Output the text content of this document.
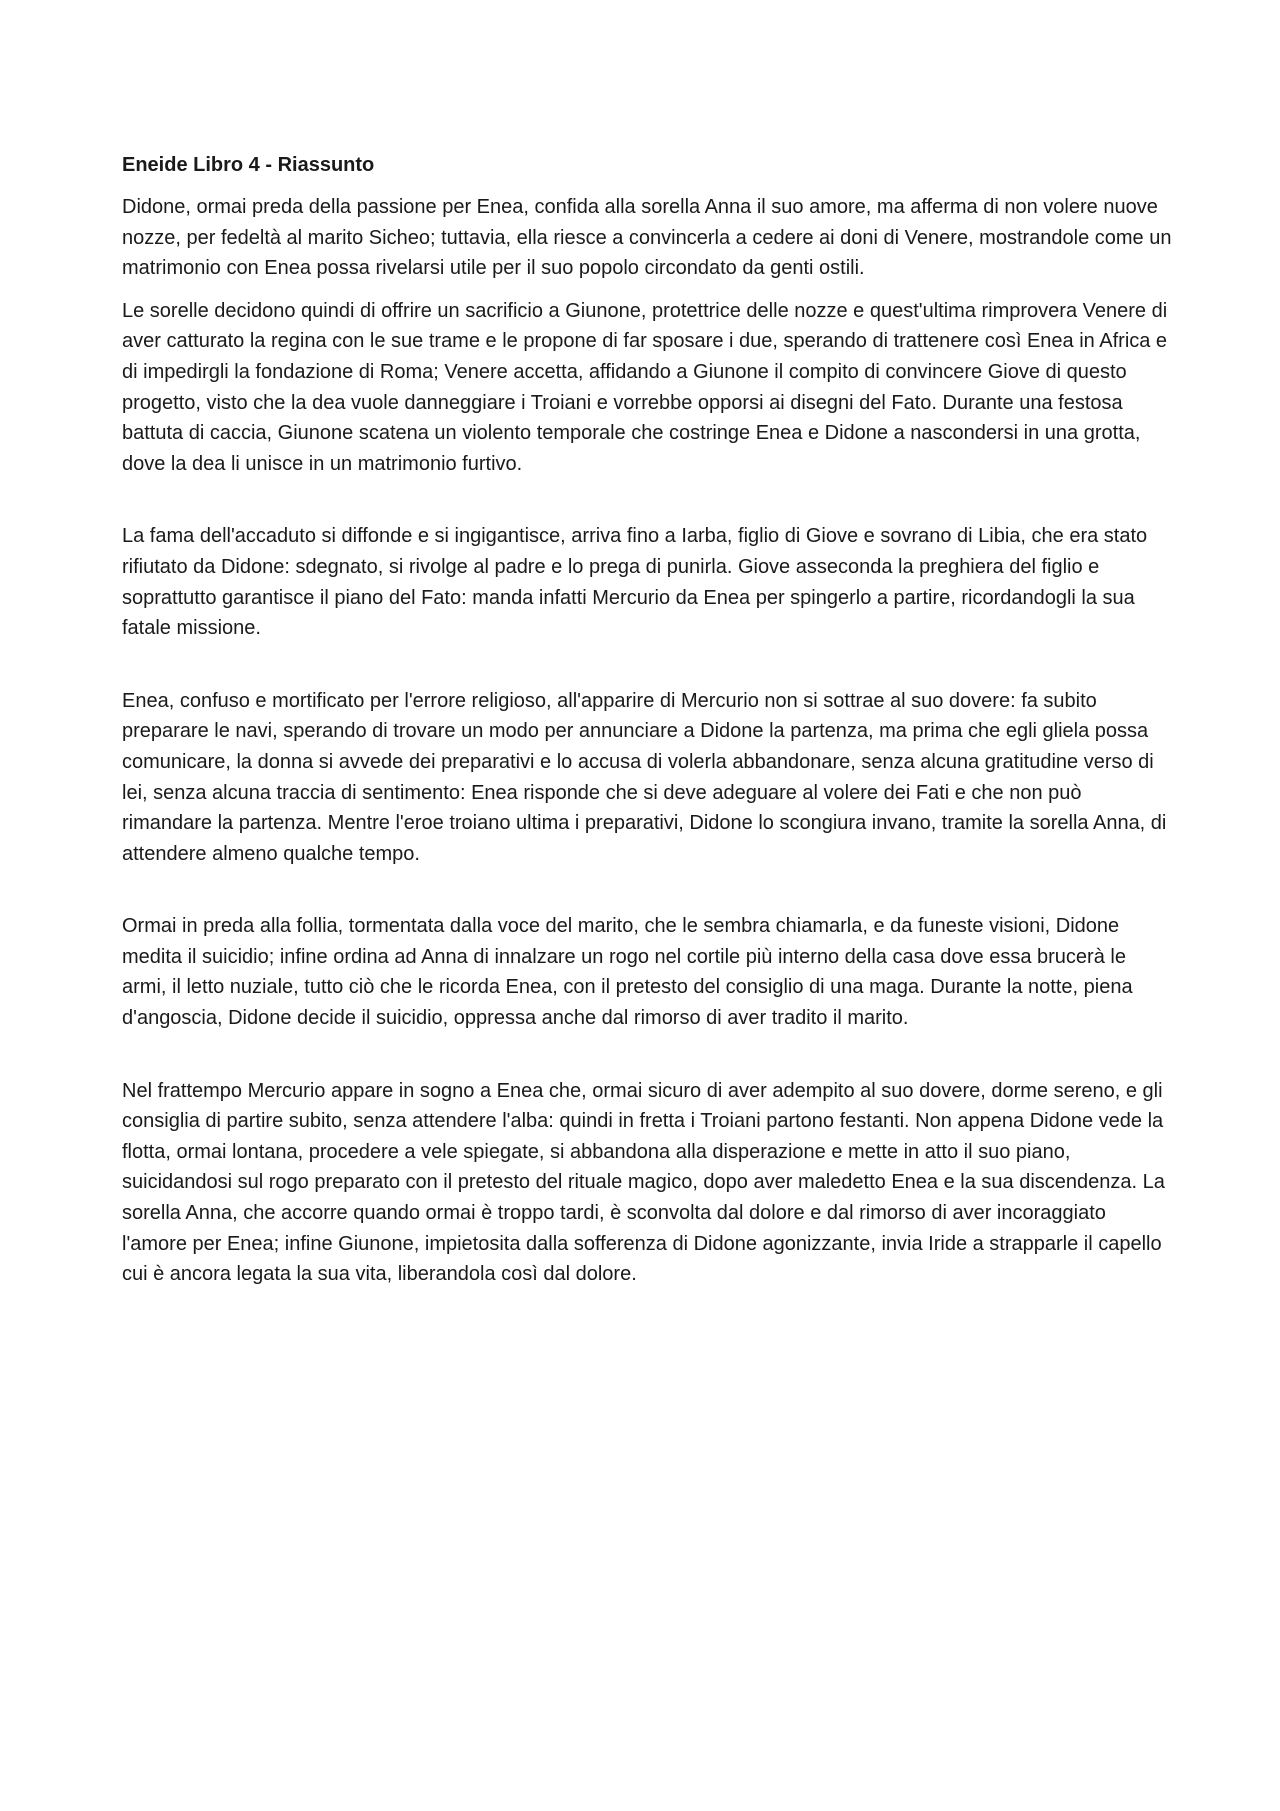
Eneide Libro 4 - Riassunto

Didone, ormai preda della passione per Enea, confida alla sorella Anna il suo amore, ma afferma di non volere nuove nozze, per fedeltà al marito Sicheo; tuttavia, ella riesce a convincerla a cedere ai doni di Venere, mostrandole come un matrimonio con Enea possa rivelarsi utile per il suo popolo circondato da genti ostili.

Le sorelle decidono quindi di offrire un sacrificio a Giunone, protettrice delle nozze e quest'ultima rimprovera Venere di aver catturato la regina con le sue trame e le propone di far sposare i due, sperando di trattenere così Enea in Africa e di impedirgli la fondazione di Roma; Venere accetta, affidando a Giunone il compito di convincere Giove di questo progetto, visto che la dea vuole danneggiare i Troiani e vorrebbe opporsi ai disegni del Fato. Durante una festosa battuta di caccia, Giunone scatena un violento temporale che costringe Enea e Didone a nascondersi in una grotta, dove la dea li unisce in un matrimonio furtivo.

La fama dell'accaduto si diffonde e si ingigantisce, arriva fino a Iarba, figlio di Giove e sovrano di Libia, che era stato rifiutato da Didone: sdegnato, si rivolge al padre e lo prega di punirla. Giove asseconda la preghiera del figlio e soprattutto garantisce il piano del Fato: manda infatti Mercurio da Enea per spingerlo a partire, ricordandogli la sua fatale missione.

Enea, confuso e mortificato per l'errore religioso, all'apparire di Mercurio non si sottrae al suo dovere: fa subito preparare le navi, sperando di trovare un modo per annunciare a Didone la partenza, ma prima che egli gliela possa comunicare, la donna si avvede dei preparativi e lo accusa di volerla abbandonare, senza alcuna gratitudine verso di lei, senza alcuna traccia di sentimento: Enea risponde che si deve adeguare al volere dei Fati e che non può rimandare la partenza. Mentre l'eroe troiano ultima i preparativi, Didone lo scongiura invano, tramite la sorella Anna, di attendere almeno qualche tempo.

Ormai in preda alla follia, tormentata dalla voce del marito, che le sembra chiamarla, e da funeste visioni, Didone medita il suicidio; infine ordina ad Anna di innalzare un rogo nel cortile più interno della casa dove essa brucerà le armi, il letto nuziale, tutto ciò che le ricorda Enea, con il pretesto del consiglio di una maga. Durante la notte, piena d'angoscia, Didone decide il suicidio, oppressa anche dal rimorso di aver tradito il marito.

Nel frattempo Mercurio appare in sogno a Enea che, ormai sicuro di aver adempito al suo dovere, dorme sereno, e gli consiglia di partire subito, senza attendere l'alba: quindi in fretta i Troiani partono festanti. Non appena Didone vede la flotta, ormai lontana, procedere a vele spiegate, si abbandona alla disperazione e mette in atto il suo piano, suicidandosi sul rogo preparato con il pretesto del rituale magico, dopo aver maledetto Enea e la sua discendenza. La sorella Anna, che accorre quando ormai è troppo tardi, è sconvolta dal dolore e dal rimorso di aver incoraggiato l'amore per Enea; infine Giunone, impietosita dalla sofferenza di Didone agonizzante, invia Iride a strapparle il capello cui è ancora legata la sua vita, liberandola così dal dolore.
